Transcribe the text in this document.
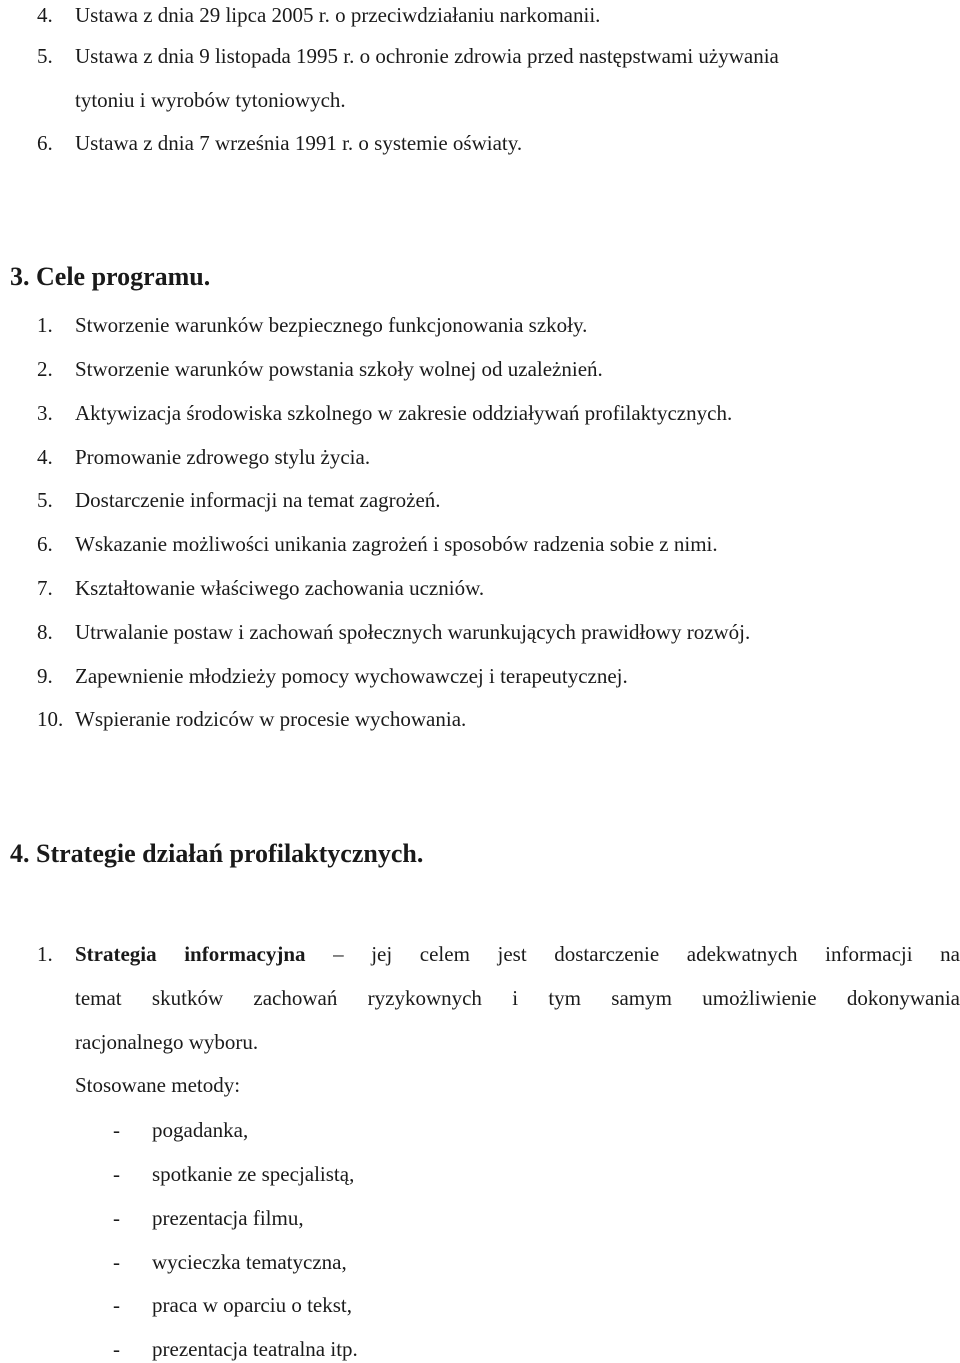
4. Ustawa z dnia 29 lipca 2005 r. o przeciwdziałaniu narkomanii.
5. Ustawa z dnia 9 listopada 1995 r. o ochronie zdrowia przed następstwami używania
tytoniu i wyrobów tytoniowych.
6. Ustawa z dnia 7 września 1991 r. o systemie oświaty.
3. Cele programu.
1. Stworzenie warunków bezpiecznego funkcjonowania szkoły.
2. Stworzenie warunków powstania szkoły wolnej od uzależnień.
3. Aktywizacja środowiska szkolnego w zakresie oddziaływań profilaktycznych.
4. Promowanie zdrowego stylu życia.
5. Dostarczenie informacji na temat zagrożeń.
6. Wskazanie możliwości unikania zagrożeń i sposobów radzenia sobie z nimi.
7. Kształtowanie właściwego zachowania uczniów.
8. Utrwalanie postaw i zachowań społecznych warunkujących prawidłowy rozwój.
9. Zapewnienie młodzieży pomocy wychowawczej i terapeutycznej.
10. Wspieranie rodziców w procesie wychowania.
4. Strategie działań profilaktycznych.
1. Strategia informacyjna – jej celem jest dostarczenie adekwatnych informacji na
temat skutków zachowań ryzykownych i tym samym umożliwienie dokonywania
racjonalnego wyboru.
Stosowane metody:
- pogadanka,
- spotkanie ze specjalistą,
- prezentacja filmu,
- wycieczka tematyczna,
- praca w oparciu o tekst,
- prezentacja teatralna itp.
